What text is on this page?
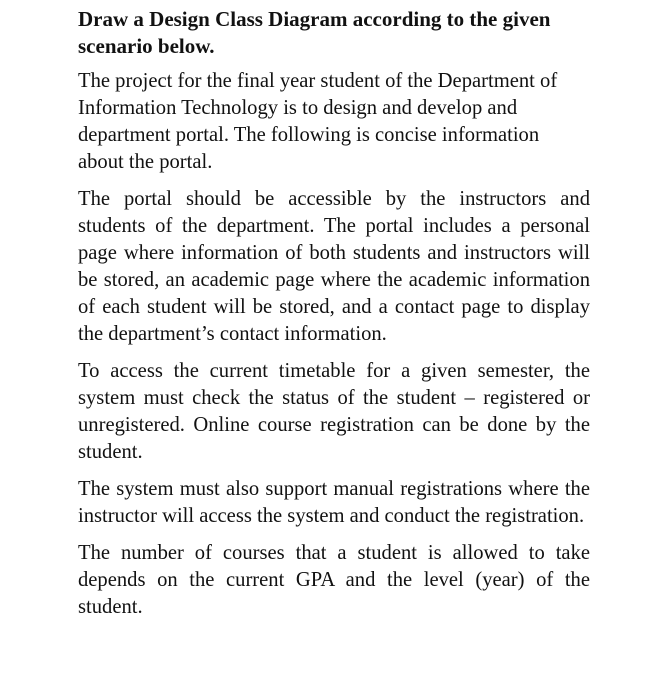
Draw a Design Class Diagram according to the given scenario below.

The project for the final year student of the Department of Information Technology is to design and develop and department portal. The following is concise information about the portal.

The portal should be accessible by the instructors and students of the department. The portal includes a personal page where information of both students and instructors will be stored, an academic page where the academic information of each student will be stored, and a contact page to display the department’s contact information.

To access the current timetable for a given semester, the system must check the status of the student – registered or unregistered. Online course registration can be done by the student.

The system must also support manual registrations where the instructor will access the system and conduct the registration.

The number of courses that a student is allowed to take depends on the current GPA and the level (year) of the student.
